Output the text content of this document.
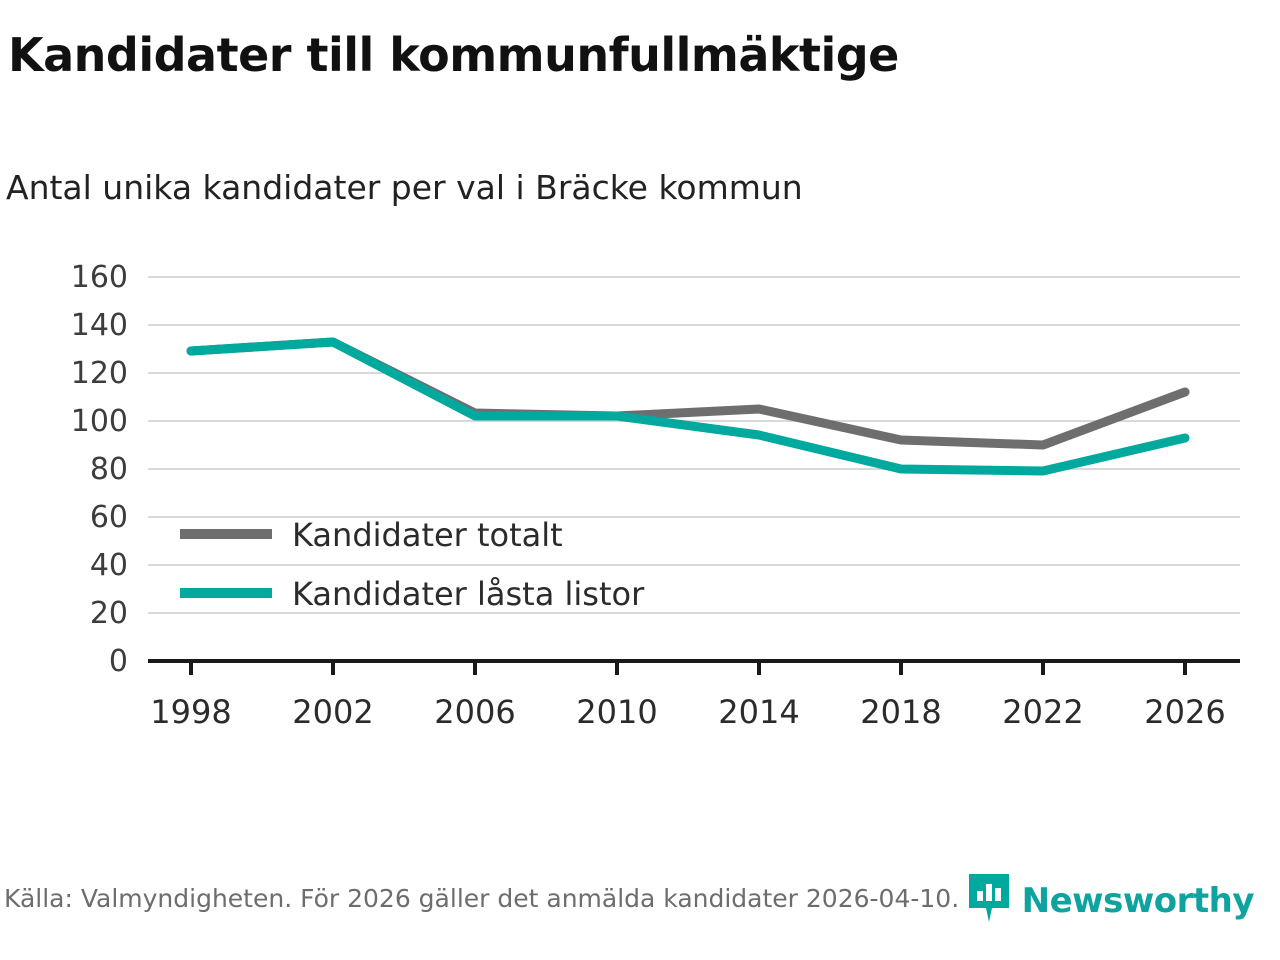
Kandidater till kommunfullmäktige
Antal unika kandidater per val i Bräcke kommun
160
140
120
100
80
60
40
20
0
Kandidater totalt
Kandidater låsta listor
1998 2002 2006 2010 2014 2018 2022 2026
Källa: Valmyndigheten. För 2026 gäller det anmälda kandidater 2026-04-10. Newsworthy
